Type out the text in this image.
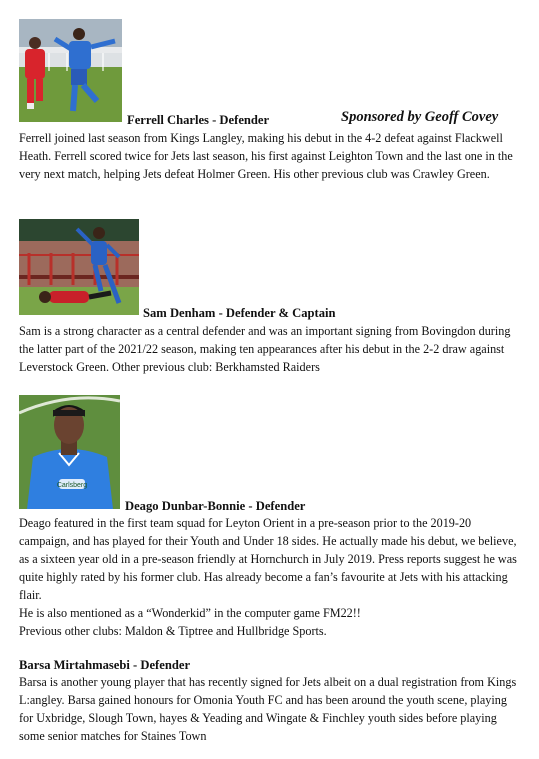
Ferrell Charles - Defender	Sponsored by Geoff Covey

Ferrell joined last season from Kings Langley, making his debut in the 4-2 defeat against Flackwell Heath. Ferrell scored twice for Jets last season, his first against Leighton Town and the last one in the very next match, helping Jets defeat Holmer Green. His other previous club was Crawley Green.

Sam Denham - Defender & Captain

Sam is a strong character as a central defender and was an important signing from Bovingdon during the latter part of the 2021/22 season, making ten appearances after his debut in the 2-2 draw against Leverstock Green. Other previous club: Berkhamsted Raiders

Carlsberg
Deago Dunbar-Bonnie - Defender

Deago featured in the first team squad for Leyton Orient in a pre-season prior to the 2019-20 campaign, and has played for their Youth and Under 18 sides. He actually made his debut, we believe, as a sixteen year old in a pre-season friendly at Hornchurch in July 2019. Press reports suggest he was quite highly rated by his former club. Has already become a fan’s favourite at Jets with his attacking flair.

He is also mentioned as a “Wonderkid” in the computer game FM22!!

Previous other clubs: Maldon & Tiptree and Hullbridge Sports.

Barsa Mirtahmasebi - Defender

Barsa is another young player that has recently signed for Jets albeit on a dual registration from Kings L:angley. Barsa gained honours for Omonia Youth FC and has been around the youth scene, playing for Uxbridge, Slough Town, hayes & Yeading and Wingate & Finchley youth sides before playing some senior matches for Staines Town
